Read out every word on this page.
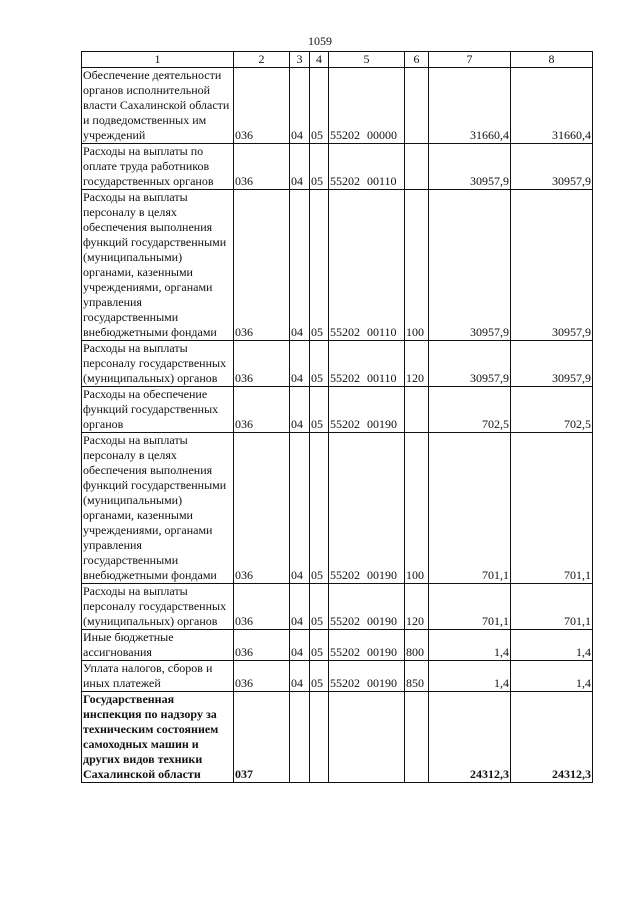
1059
1	2	3	4	5	6	7	8

Обеспечение деятельности органов исполнительной власти Сахалинской области и подведомственных им учреждений	036	04	05	55202 00000		31660,4	31660,4

Расходы на выплаты по оплате труда работников государственных органов	036	04	05	55202 00110		30957,9	30957,9

Расходы на выплаты персоналу в целях обеспечения выполнения функций государственными (муниципальными) органами, казенными учреждениями, органами управления государственными внебюджетными фондами	036	04	05	55202 00110	100	30957,9	30957,9

Расходы на выплаты персоналу государственных (муниципальных) органов	036	04	05	55202 00110	120	30957,9	30957,9

Расходы на обеспечение функций государственных органов	036	04	05	55202 00190		702,5	702,5

Расходы на выплаты персоналу в целях обеспечения выполнения функций государственными (муниципальными) органами, казенными учреждениями, органами управления государственными внебюджетными фондами	036	04	05	55202 00190	100	701,1	701,1

Расходы на выплаты персоналу государственных (муниципальных) органов	036	04	05	55202 00190	120	701,1	701,1

Иные бюджетные ассигнования	036	04	05	55202 00190	800	1,4	1,4

Уплата налогов, сборов и иных платежей	036	04	05	55202 00190	850	1,4	1,4

Государственная инспекция по надзору за техническим состоянием самоходных машин и других видов техники Сахалинской области	037					24312,3	24312,3
